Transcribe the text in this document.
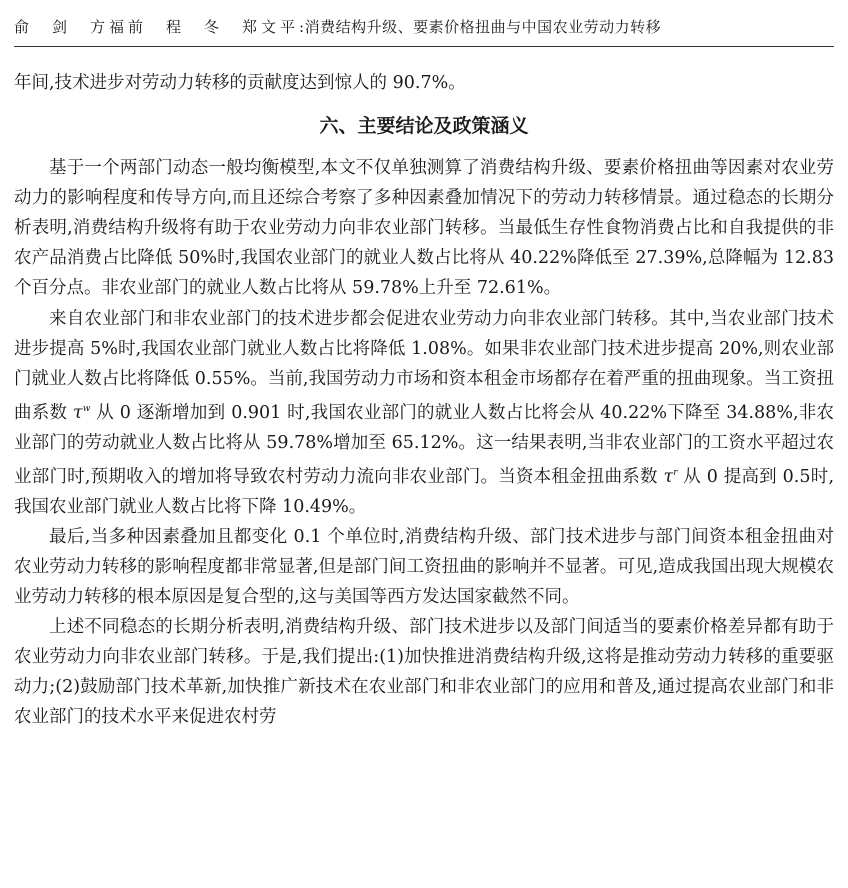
俞　剑　方福前　程　冬　郑文平:消费结构升级、要素价格扭曲与中国农业劳动力转移

年间,技术进步对劳动力转移的贡献度达到惊人的 90.7%。

六、主要结论及政策涵义

基于一个两部门动态一般均衡模型,本文不仅单独测算了消费结构升级、要素价格扭曲等因素对农业劳动力的影响程度和传导方向,而且还综合考察了多种因素叠加情况下的劳动力转移情景。通过稳态的长期分析表明,消费结构升级将有助于农业劳动力向非农业部门转移。当最低生存性食物消费占比和自我提供的非农产品消费占比降低 50%时,我国农业部门的就业人数占比将从 40.22%降低至 27.39%,总降幅为 12.83 个百分点。非农业部门的就业人数占比将从 59.78%上升至 72.61%。

来自农业部门和非农业部门的技术进步都会促进农业劳动力向非农业部门转移。其中,当农业部门技术进步提高 5%时,我国农业部门就业人数占比将降低 1.08%。如果非农业部门技术进步提高 20%,则农业部门就业人数占比将降低 0.55%。当前,我国劳动力市场和资本租金市场都存在着严重的扭曲现象。当工资扭曲系数 $\tau^w$ 从 0 逐渐增加到 0.901 时,我国农业部门的就业人数占比将会从 40.22%下降至 34.88%,非农业部门的劳动就业人数占比将从 59.78%增加至 65.12%。这一结果表明,当非农业部门的工资水平超过农业部门时,预期收入的增加将导致农村劳动力流向非农业部门。当资本租金扭曲系数 $\tau^r$ 从 0 提高到 0.5时,我国农业部门就业人数占比将下降 10.49%。

最后,当多种因素叠加且都变化 0.1 个单位时,消费结构升级、部门技术进步与部门间资本租金扭曲对农业劳动力转移的影响程度都非常显著,但是部门间工资扭曲的影响并不显著。可见,造成我国出现大规模农业劳动力转移的根本原因是复合型的,这与美国等西方发达国家截然不同。

上述不同稳态的长期分析表明,消费结构升级、部门技术进步以及部门间适当的要素价格差异都有助于农业劳动力向非农业部门转移。于是,我们提出:(1)加快推进消费结构升级,这将是推动劳动力转移的重要驱动力;(2)鼓励部门技术革新,加快推广新技术在农业部门和非农业部门的应用和普及,通过提高农业部门和非农业部门的技术水平来促进农村劳
